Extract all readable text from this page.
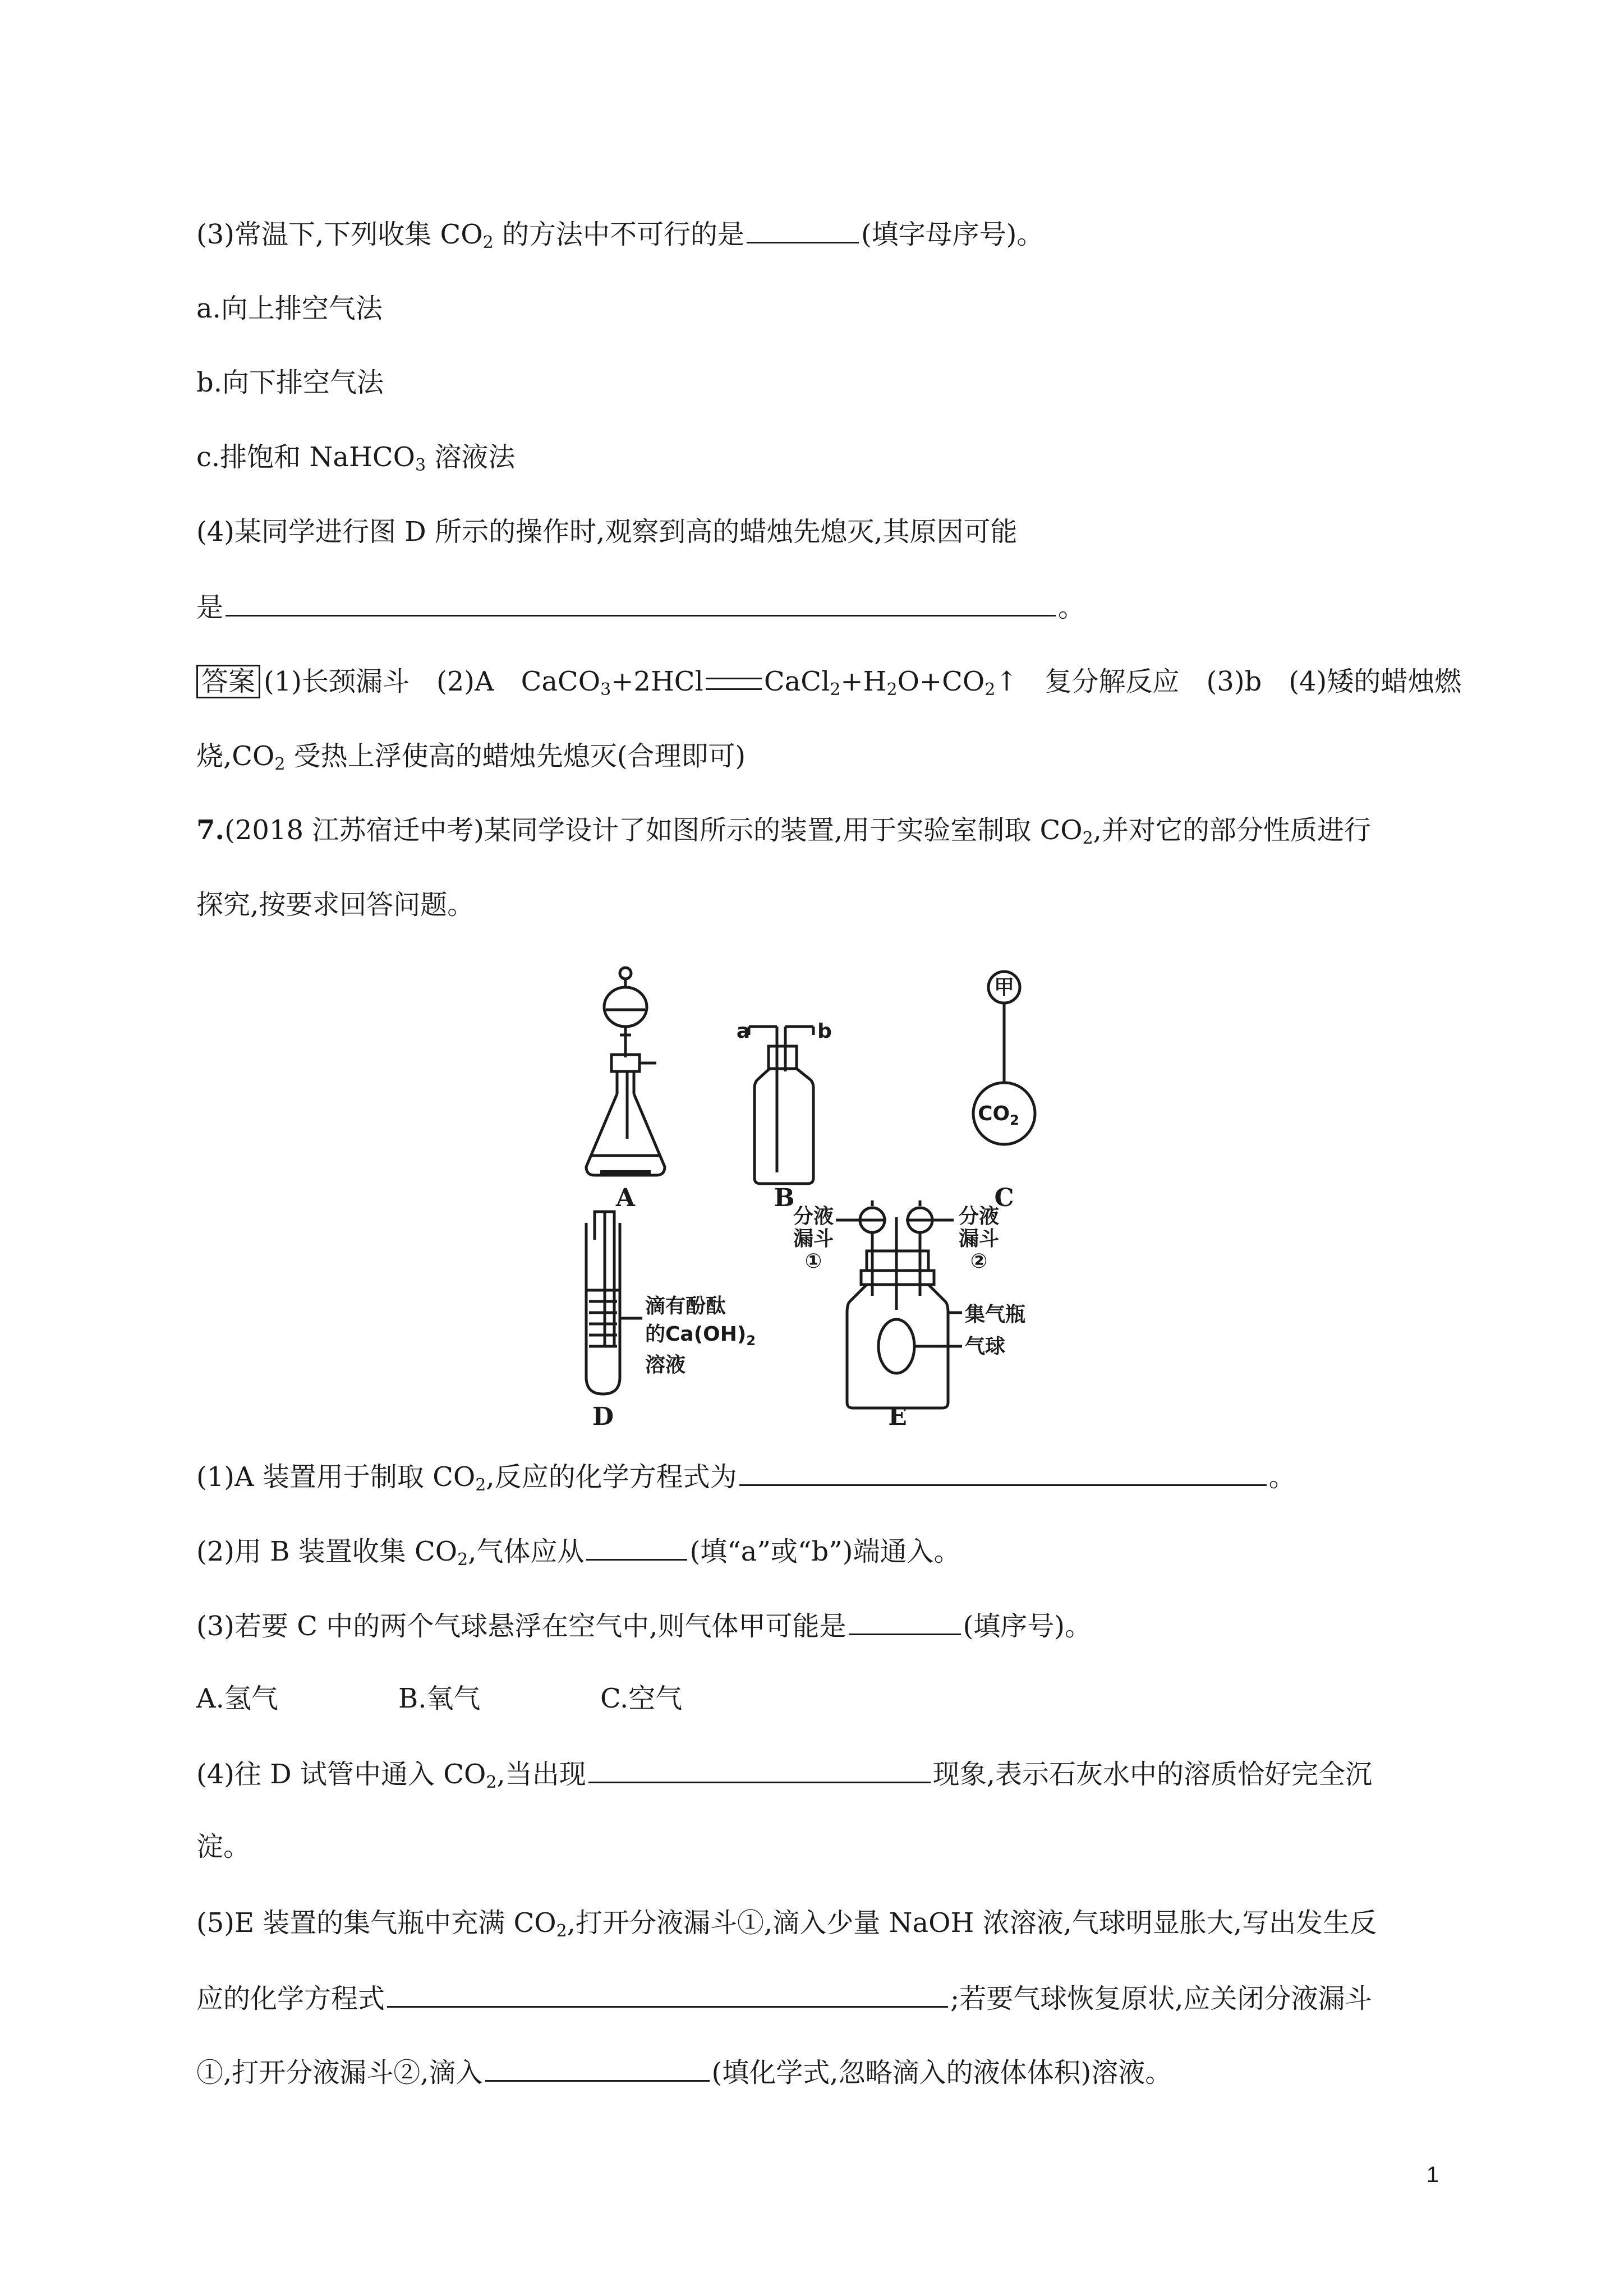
(3)常温下,下列收集 $CO_2$ 的方法中不可行的是	(填字母序号)。
a.向上排空气法
b.向下排空气法
c.排饱和 NaHCO$_3$ 溶液法
(4)某同学进行图 D 所示的操作时,观察到高的蜡烛先熄灭,其原因可能
是	。
答案 (1)长颈漏斗　(2)A　CaCO$_3$+2HCl $CaCl_2+H_2O+CO_2↑$　复分解反应　(3)b　(4)矮的蜡烛燃
烧$,CO_2$ 受热上浮使高的蜡烛先熄灭(合理即可)
7.(2018 江苏宿迁中考)某同学设计了如图所示的装置,用于实验室制取 $CO_2$,并对它的部分性质进行
探究,按要求回答问题。
A	B	C
D	E
a	b
甲
$CO_2$
滴有酚酞
的$Ca(OH)_2$
溶液
分液
漏斗
①
分液
漏斗
②
集气瓶
气球
(1)A 装置用于制取 $CO_2$,反应的化学方程式为	。
(2)用 B 装置收集 $CO_2$,气体应从	(填“a”或“b”)端通入。
(3)若要 C 中的两个气球悬浮在空气中,则气体甲可能是	(填序号)。
A.氢气	B.氧气	C.空气
(4)往 D 试管中通入 $CO_2$,当出现	现象,表示石灰水中的溶质恰好完全沉
淀。
(5)E 装置的集气瓶中充满 $CO_2$,打开分液漏斗①,滴入少量 NaOH 浓溶液,气球明显胀大,写出发生反
应的化学方程式	;若要气球恢复原状,应关闭分液漏斗
①,打开分液漏斗②,滴入	(填化学式,忽略滴入的液体体积)溶液。
1
